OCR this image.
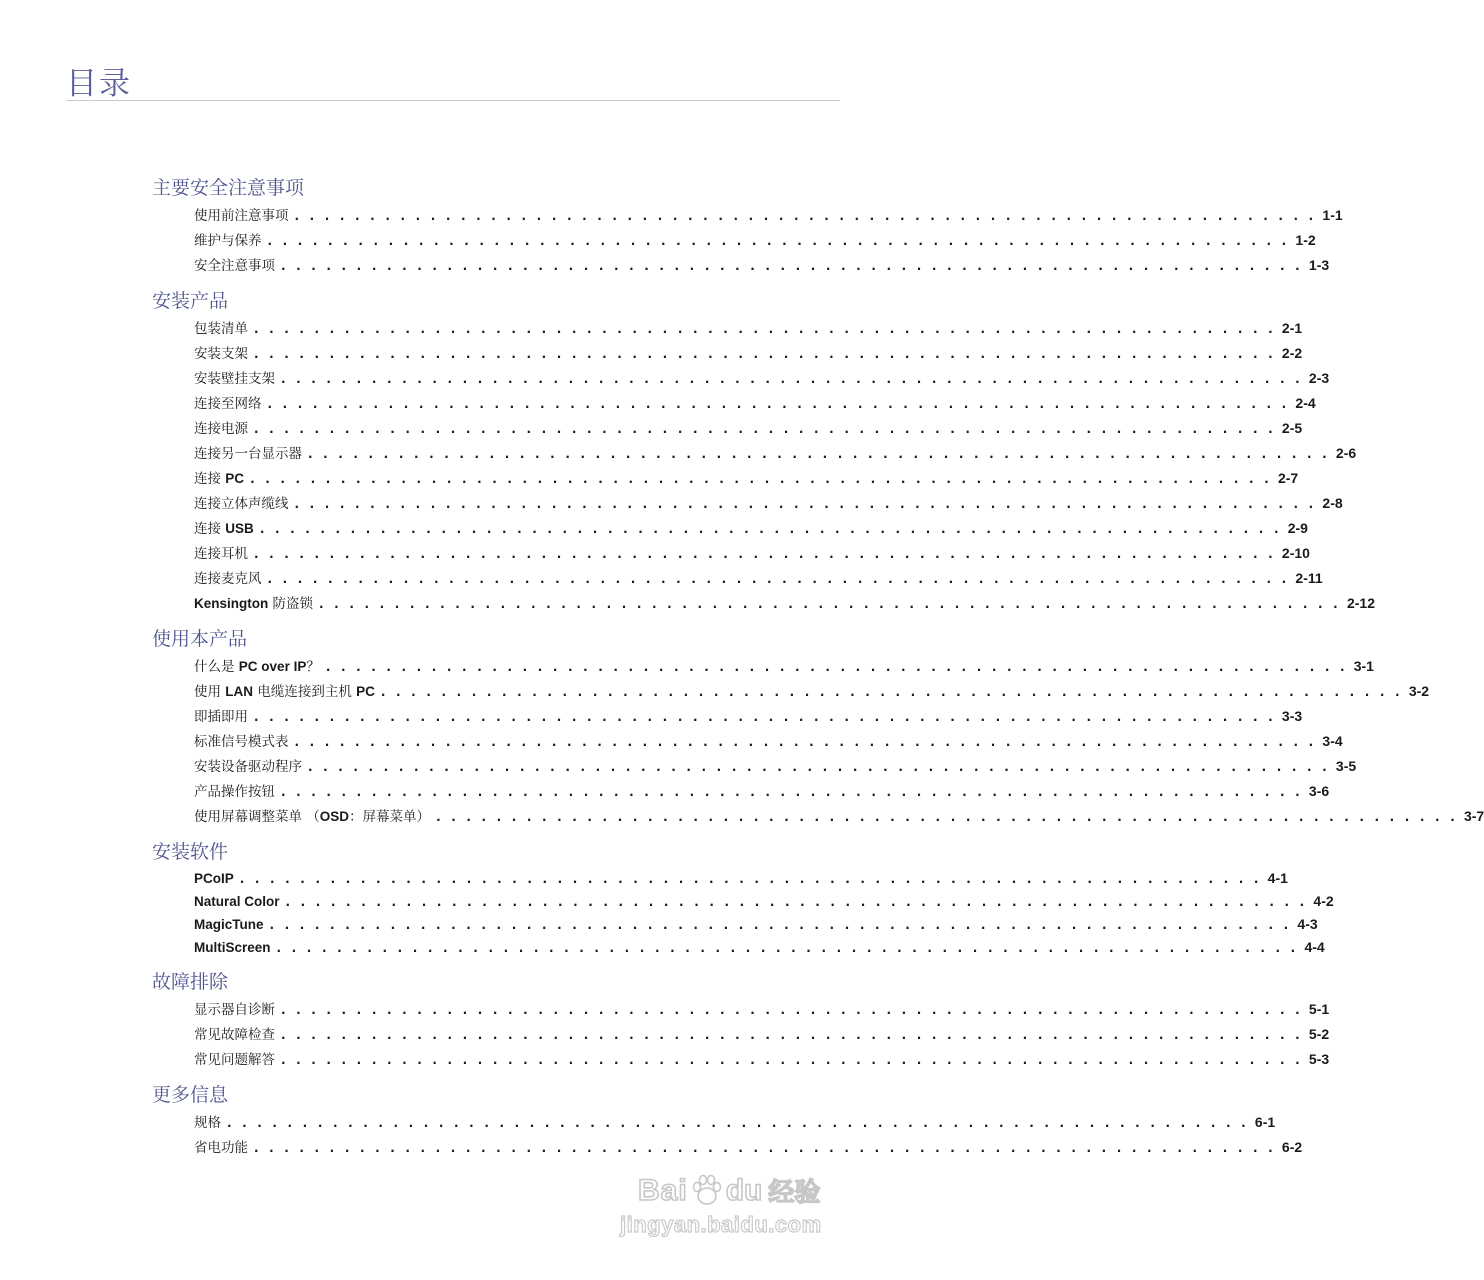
目录
主要安全注意事项
使用前注意事项 . . . . . . . . . . . . . . . . . . . . . . . . . . . . . . . . . . . . . . . . . . . . . . . . . . . . . . . . . . . . . . . . . . . . 1-1
维护与保养 . . . . . . . . . . . . . . . . . . . . . . . . . . . . . . . . . . . . . . . . . . . . . . . . . . . . . . . . . . . . . . . . . . . . 1-2
安全注意事项 . . . . . . . . . . . . . . . . . . . . . . . . . . . . . . . . . . . . . . . . . . . . . . . . . . . . . . . . . . . . . . . . . . . . 1-3
安装产品
包装清单 . . . . . . . . . . . . . . . . . . . . . . . . . . . . . . . . . . . . . . . . . . . . . . . . . . . . . . . . . . . . . . . . . . . . 2-1
安装支架 . . . . . . . . . . . . . . . . . . . . . . . . . . . . . . . . . . . . . . . . . . . . . . . . . . . . . . . . . . . . . . . . . . . . 2-2
安装壁挂支架 . . . . . . . . . . . . . . . . . . . . . . . . . . . . . . . . . . . . . . . . . . . . . . . . . . . . . . . . . . . . . . . . . . . . 2-3
连接至网络 . . . . . . . . . . . . . . . . . . . . . . . . . . . . . . . . . . . . . . . . . . . . . . . . . . . . . . . . . . . . . . . . . . . . 2-4
连接电源 . . . . . . . . . . . . . . . . . . . . . . . . . . . . . . . . . . . . . . . . . . . . . . . . . . . . . . . . . . . . . . . . . . . . 2-5
连接另一台显示器 . . . . . . . . . . . . . . . . . . . . . . . . . . . . . . . . . . . . . . . . . . . . . . . . . . . . . . . . . . . . . . . . . . . . 2-6
连接 PC . . . . . . . . . . . . . . . . . . . . . . . . . . . . . . . . . . . . . . . . . . . . . . . . . . . . . . . . . . . . . . . . . . . . 2-7
连接立体声缆线 . . . . . . . . . . . . . . . . . . . . . . . . . . . . . . . . . . . . . . . . . . . . . . . . . . . . . . . . . . . . . . . . . . . . 2-8
连接 USB . . . . . . . . . . . . . . . . . . . . . . . . . . . . . . . . . . . . . . . . . . . . . . . . . . . . . . . . . . . . . . . . . . . . 2-9
连接耳机 . . . . . . . . . . . . . . . . . . . . . . . . . . . . . . . . . . . . . . . . . . . . . . . . . . . . . . . . . . . . . . . . . . . . 2-10
连接麦克风 . . . . . . . . . . . . . . . . . . . . . . . . . . . . . . . . . . . . . . . . . . . . . . . . . . . . . . . . . . . . . . . . . . . . 2-11
Kensington 防盗锁 . . . . . . . . . . . . . . . . . . . . . . . . . . . . . . . . . . . . . . . . . . . . . . . . . . . . . . . . . . . . . . . . . . . . 2-12
使用本产品
什么是 PC over IP？ . . . . . . . . . . . . . . . . . . . . . . . . . . . . . . . . . . . . . . . . . . . . . . . . . . . . . . . . . . . . . . . . . . . . 3-1
使用 LAN 电缆连接到主机 PC . . . . . . . . . . . . . . . . . . . . . . . . . . . . . . . . . . . . . . . . . . . . . . . . . . . . . . . . . . . . . . . . . . . . 3-2
即插即用 . . . . . . . . . . . . . . . . . . . . . . . . . . . . . . . . . . . . . . . . . . . . . . . . . . . . . . . . . . . . . . . . . . . . 3-3
标准信号模式表 . . . . . . . . . . . . . . . . . . . . . . . . . . . . . . . . . . . . . . . . . . . . . . . . . . . . . . . . . . . . . . . . . . . . 3-4
安装设备驱动程序 . . . . . . . . . . . . . . . . . . . . . . . . . . . . . . . . . . . . . . . . . . . . . . . . . . . . . . . . . . . . . . . . . . . . 3-5
产品操作按钮 . . . . . . . . . . . . . . . . . . . . . . . . . . . . . . . . . . . . . . . . . . . . . . . . . . . . . . . . . . . . . . . . . . . . 3-6
使用屏幕调整菜单 （OSD：屏幕菜单） . . . . . . . . . . . . . . . . . . . . . . . . . . . . . . . . . . . . . . . . . . . . . . . . . . . . . . . . . . . . . . . . . . . . 3-7
安装软件
PCoIP . . . . . . . . . . . . . . . . . . . . . . . . . . . . . . . . . . . . . . . . . . . . . . . . . . . . . . . . . . . . . . . . . . . . 4-1
Natural Color . . . . . . . . . . . . . . . . . . . . . . . . . . . . . . . . . . . . . . . . . . . . . . . . . . . . . . . . . . . . . . . . . . . . 4-2
MagicTune . . . . . . . . . . . . . . . . . . . . . . . . . . . . . . . . . . . . . . . . . . . . . . . . . . . . . . . . . . . . . . . . . . . . 4-3
MultiScreen . . . . . . . . . . . . . . . . . . . . . . . . . . . . . . . . . . . . . . . . . . . . . . . . . . . . . . . . . . . . . . . . . . . . 4-4
故障排除
显示器自诊断 . . . . . . . . . . . . . . . . . . . . . . . . . . . . . . . . . . . . . . . . . . . . . . . . . . . . . . . . . . . . . . . . . . . . 5-1
常见故障检查 . . . . . . . . . . . . . . . . . . . . . . . . . . . . . . . . . . . . . . . . . . . . . . . . . . . . . . . . . . . . . . . . . . . . 5-2
常见问题解答 . . . . . . . . . . . . . . . . . . . . . . . . . . . . . . . . . . . . . . . . . . . . . . . . . . . . . . . . . . . . . . . . . . . . 5-3
更多信息
规格 . . . . . . . . . . . . . . . . . . . . . . . . . . . . . . . . . . . . . . . . . . . . . . . . . . . . . . . . . . . . . . . . . . . . 6-1
省电功能 . . . . . . . . . . . . . . . . . . . . . . . . . . . . . . . . . . . . . . . . . . . . . . . . . . . . . . . . . . . . . . . . . . . . 6-2
Bai du 经验
jingyan.baidu.com
